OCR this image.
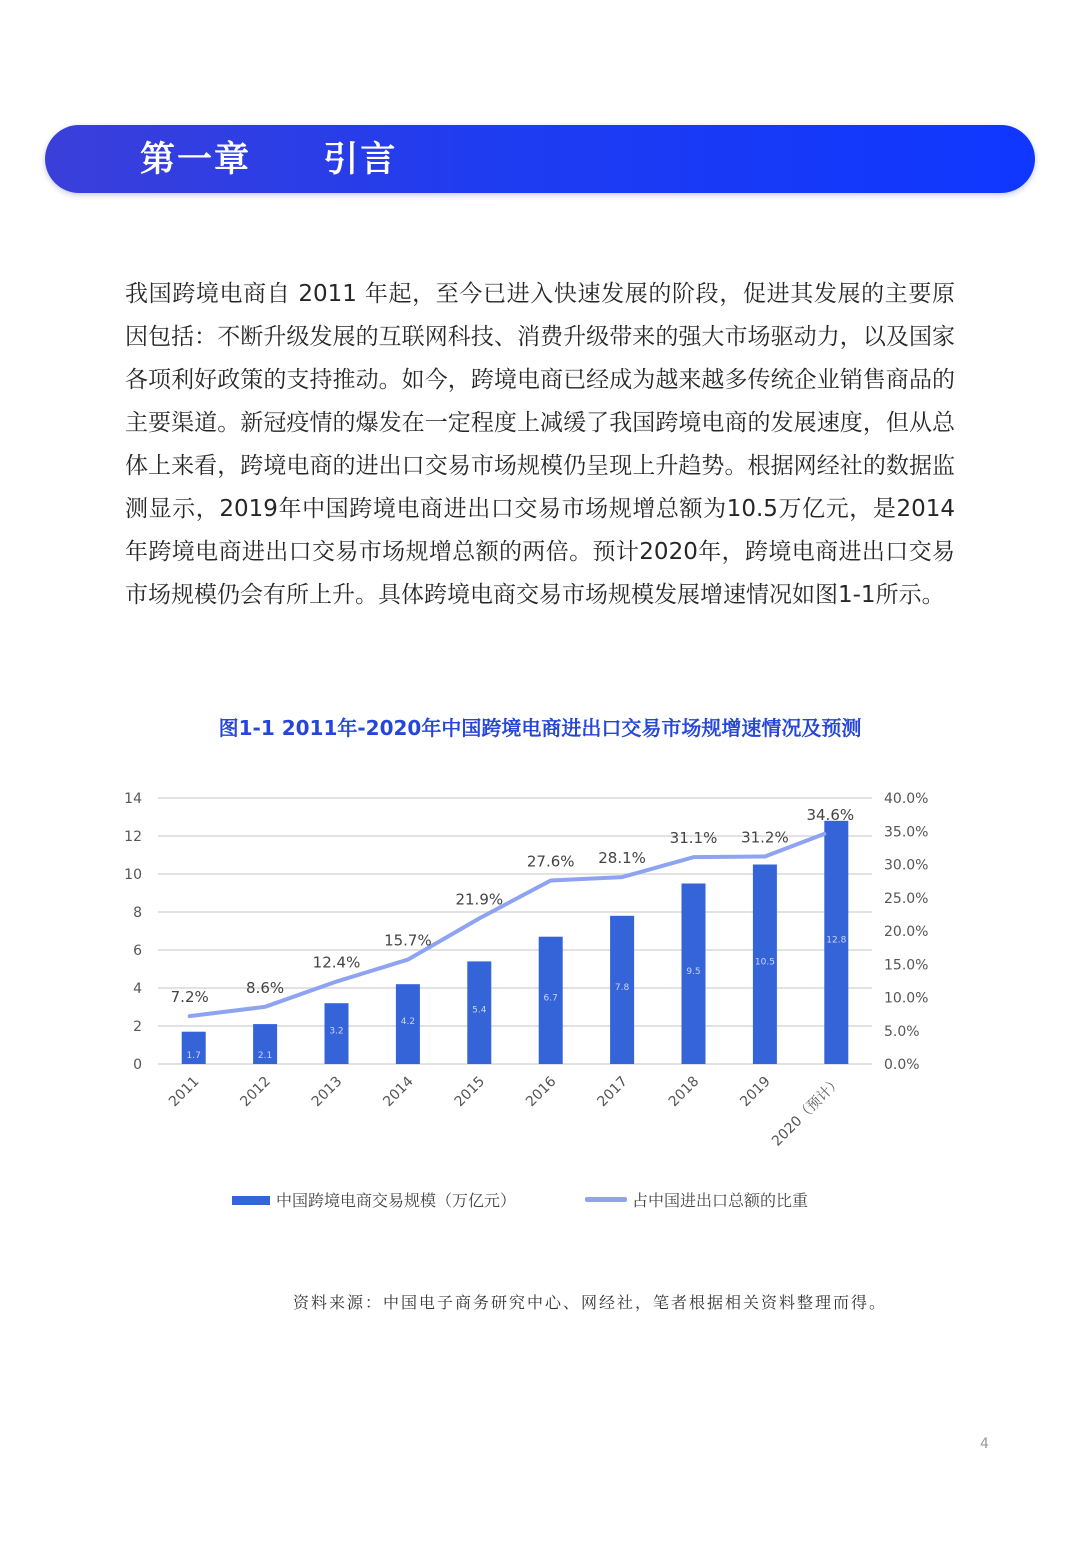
第一章  引言
我国跨境电商自 2011 年起，至今已进入快速发展的阶段，促进其发展的主要原因包括：不断升级发展的互联网科技、消费升级带来的强大市场驱动力，以及国家各项利好政策的支持推动。如今，跨境电商已经成为越来越多传统企业销售商品的主要渠道。新冠疫情的爆发在一定程度上减缓了我国跨境电商的发展速度，但从总体上来看，跨境电商的进出口交易市场规模仍呈现上升趋势。根据网经社的数据监测显示，2019年中国跨境电商进出口交易市场规增总额为10.5万亿元，是2014年跨境电商进出口交易市场规增总额的两倍。预计2020年，跨境电商进出口交易市场规模仍会有所上升。具体跨境电商交易市场规模发展增速情况如图1-1所示。
图1-1 2011年-2020年中国跨境电商进出口交易市场规增速情况及预测
0
2
4
6
8
10
12
14
0.0%
5.0%
10.0%
15.0%
20.0%
25.0%
30.0%
35.0%
40.0%
1.7	2.1
3.2
4.2
5.4
6.7
7.8
9.5
10.5
12.8
7.2%
8.6%
12.4%
15.7%
21.9%
27.6% 28.1%
31.1% 31.2%
34.6%
2011 2012 2013 2014 2015 2016 2017 2018 2019
2020（预计）
中国跨境电商交易规模（万亿元）	占中国进出口总额的比重
资料来源：中国电子商务研究中心、网经社，笔者根据相关资料整理而得。
4
